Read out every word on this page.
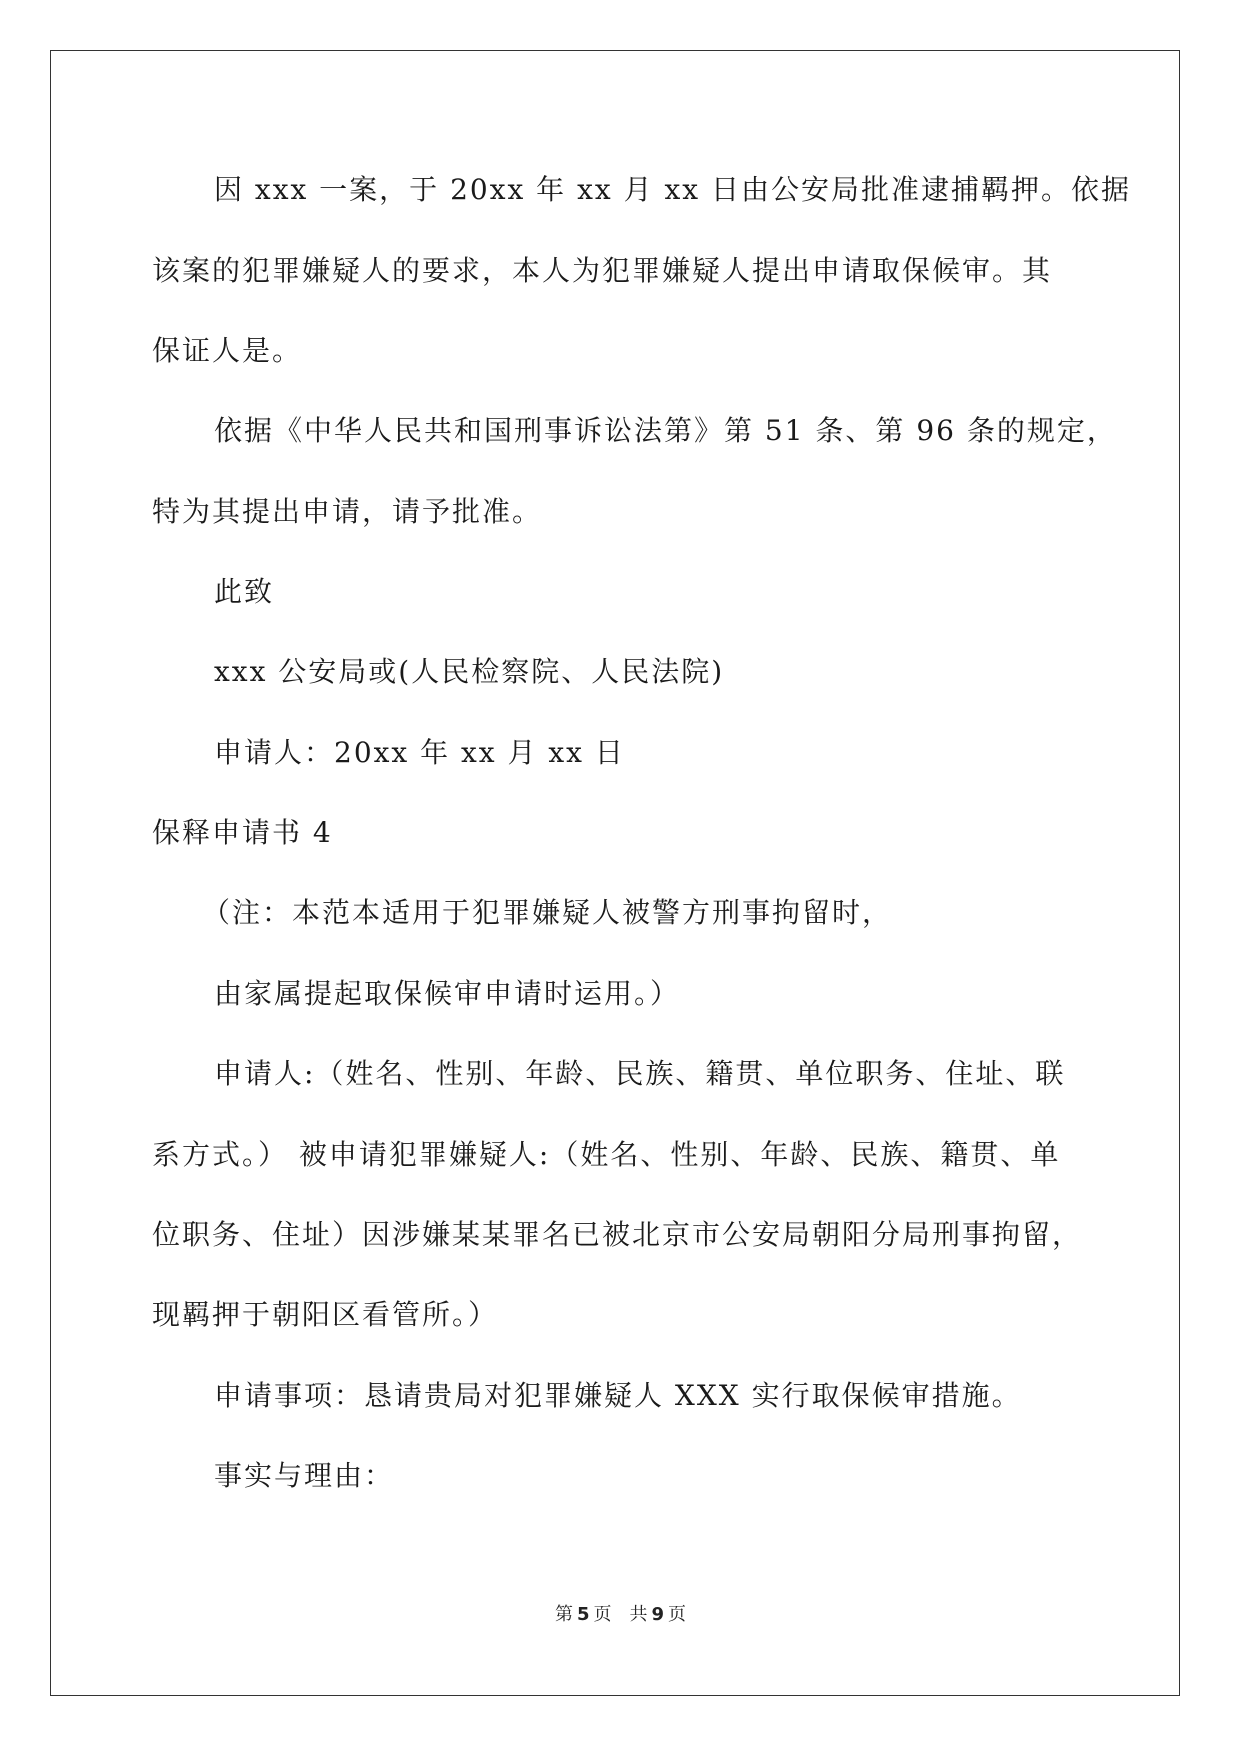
因 xxx 一案，于 20xx 年 xx 月 xx 日由公安局批准逮捕羁押。依据
该案的犯罪嫌疑人的要求，本人为犯罪嫌疑人提出申请取保候审。其
保证人是。
依据《中华人民共和国刑事诉讼法第》第 51 条、第 96 条的规定，
特为其提出申请，请予批准。
此致
xxx 公安局或(人民检察院、人民法院)
申请人：20xx 年 xx 月 xx 日
保释申请书 4
（注：本范本适用于犯罪嫌疑人被警方刑事拘留时，
由家属提起取保候审申请时运用。）
申请人:（姓名、性别、年龄、民族、籍贯、单位职务、住址、联
系方式。） 被申请犯罪嫌疑人:（姓名、性别、年龄、民族、籍贯、单
位职务、住址）因涉嫌某某罪名已被北京市公安局朝阳分局刑事拘留，
现羁押于朝阳区看管所。）
申请事项：恳请贵局对犯罪嫌疑人 XXX 实行取保候审措施。
事实与理由：
第 5 页 共 9 页
